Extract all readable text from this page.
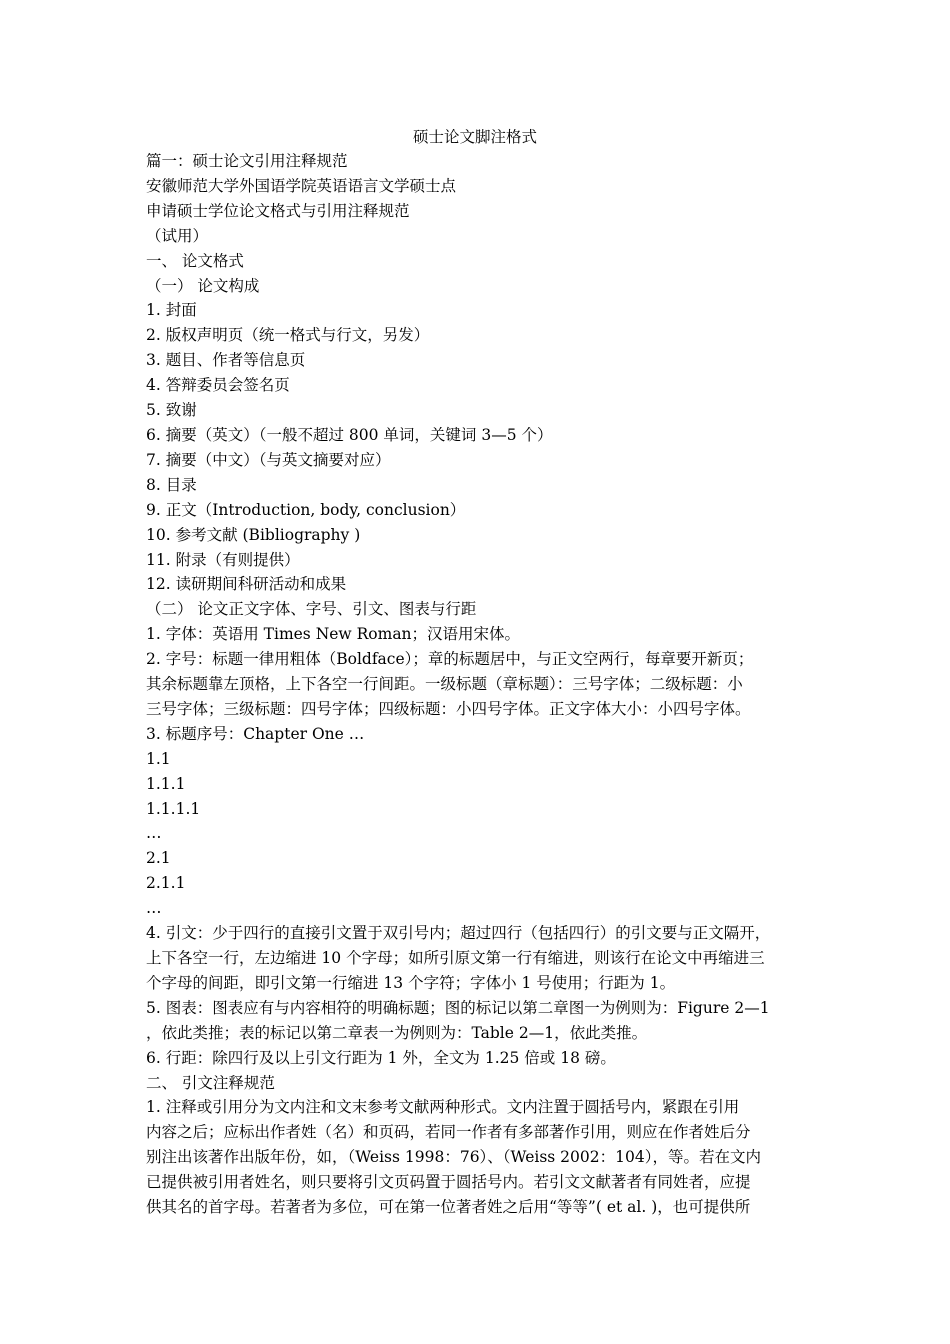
硕士论文脚注格式

篇一：硕士论文引用注释规范

安徽师范大学外国语学院英语语言文学硕士点

申请硕士学位论文格式与引用注释规范

（试用）

一、 论文格式

（一） 论文构成

1. 封面

2. 版权声明页（统一格式与行文，另发）

3. 题目、作者等信息页

4. 答辩委员会签名页

5. 致谢

6. 摘要（英文）（一般不超过 800 单词，关键词 3—5 个）

7. 摘要（中文）（与英文摘要对应）

8. 目录

9. 正文（Introduction, body, conclusion）

10. 参考文献 (Bibliography )

11. 附录（有则提供）

12. 读研期间科研活动和成果

（二） 论文正文字体、字号、引文、图表与行距

1. 字体：英语用 Times New Roman；汉语用宋体。

2. 字号：标题一律用粗体（Boldface）；章的标题居中，与正文空两行，每章要开新页；

其余标题靠左顶格，上下各空一行间距。一级标题（章标题）：三号字体；二级标题：小

三号字体；三级标题：四号字体；四级标题：小四号字体。正文字体大小：小四号字体。

3. 标题序号：Chapter One …

1.1

1.1.1

1.1.1.1

…

2.1

2.1.1

…

4. 引文：少于四行的直接引文置于双引号内；超过四行（包括四行）的引文要与正文隔开，

上下各空一行，左边缩进 10 个字母；如所引原文第一行有缩进，则该行在论文中再缩进三

个字母的间距，即引文第一行缩进 13 个字符；字体小 1 号使用；行距为 1。

5. 图表：图表应有与内容相符的明确标题；图的标记以第二章图一为例则为：Figure 2—1

，依此类推；表的标记以第二章表一为例则为：Table 2—1，依此类推。

6. 行距：除四行及以上引文行距为 1 外，全文为 1.25 倍或 18 磅。

二、 引文注释规范

1. 注释或引用分为文内注和文末参考文献两种形式。文内注置于圆括号内，紧跟在引用

内容之后；应标出作者姓（名）和页码，若同一作者有多部著作引用，则应在作者姓后分

别注出该著作出版年份，如，（Weiss 1998：76）、（Weiss 2002：104），等。若在文内

已提供被引用者姓名，则只要将引文页码置于圆括号内。若引文文献著者有同姓者，应提

供其名的首字母。若著者为多位，可在第一位著者姓之后用“等等”( et al. )，也可提供所
